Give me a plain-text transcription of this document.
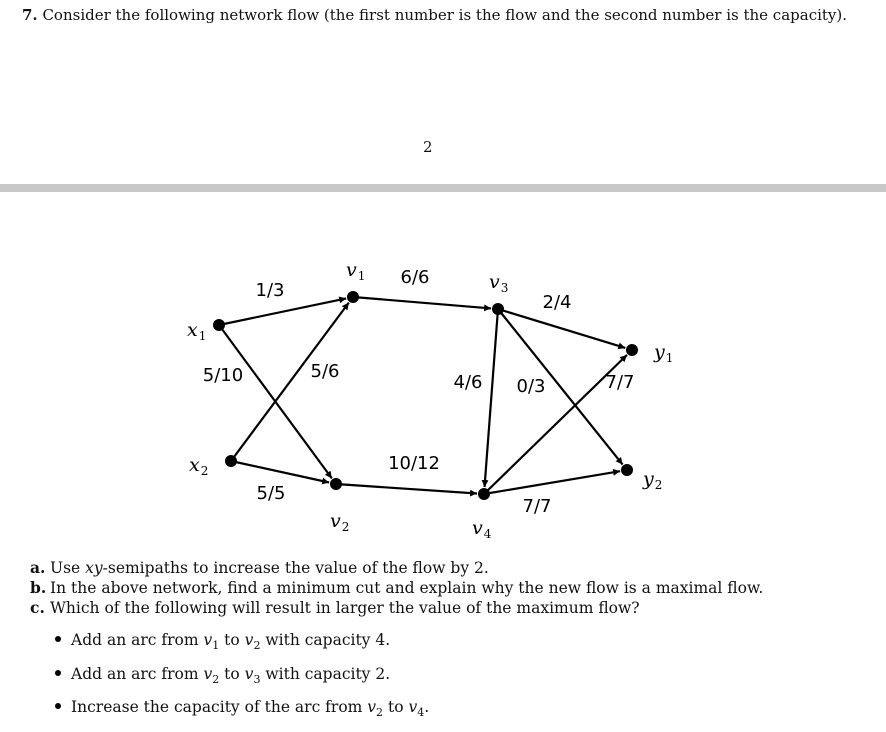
7. Consider the following network flow (the first number is the flow and the second number is the capacity).
2
1/3
5/10	5/6
5/5
6/6
10/12
4/6
2/4
0/3	7/7
7/7
$x_1$
$x_2$
$v_1$
$v_2$
$v_3$
$v_4$
$y_1$
$y_2$
a. Use xy-semipaths to increase the value of the flow by 2.
b. In the above network, find a minimum cut and explain why the new flow is a maximal flow.
c. Which of the following will result in larger the value of the maximum flow?
Add an arc from $v_1$ to $v_2$ with capacity 4.
Add an arc from $v_2$ to $v_3$ with capacity 2.
Increase the capacity of the arc from $v_2$ to $v_4$.
